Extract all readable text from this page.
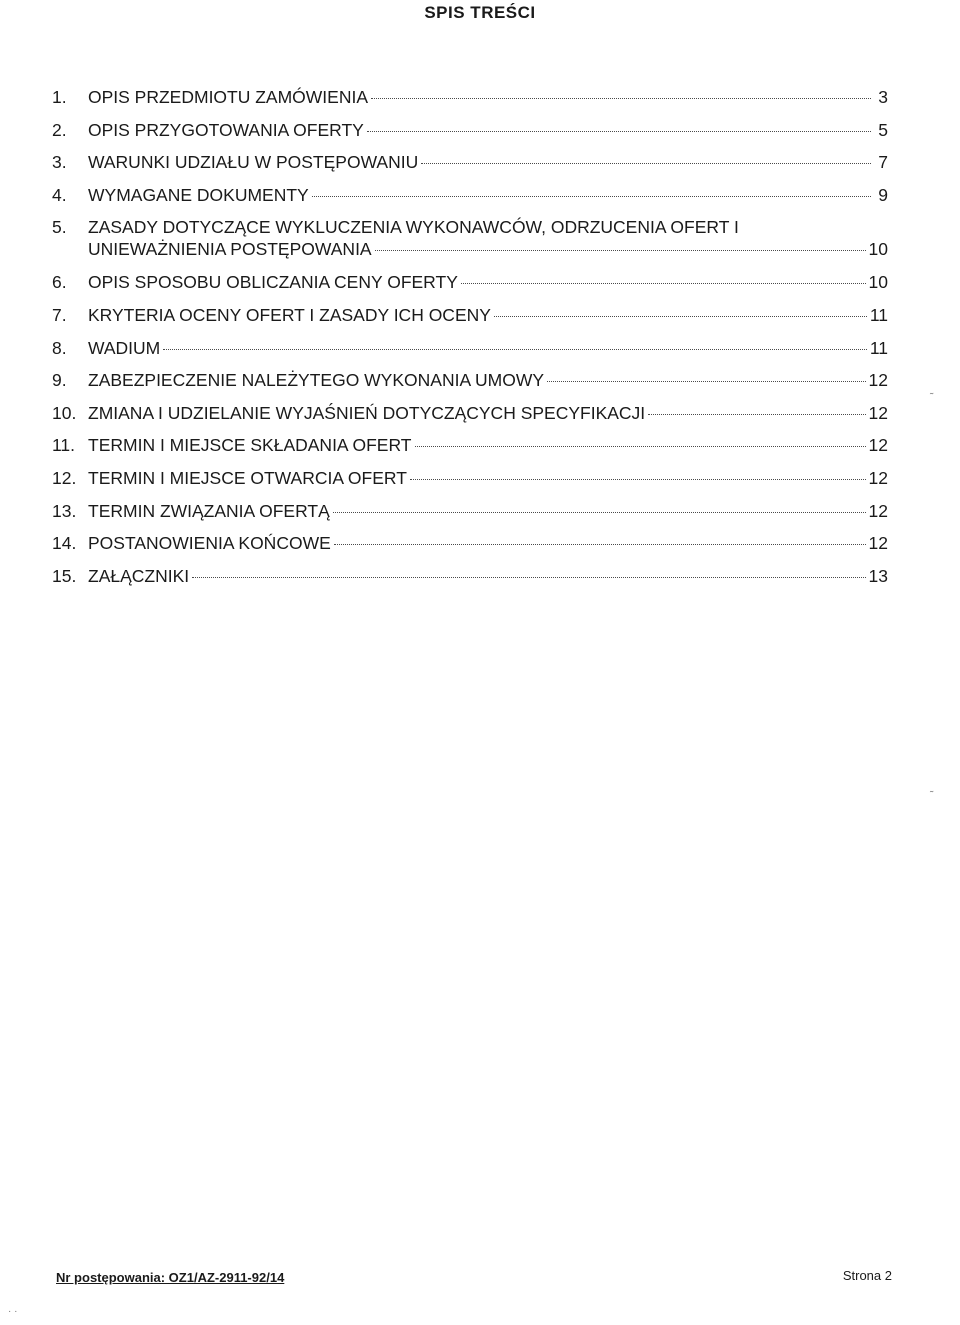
SPIS TREŚCI
1.	OPIS PRZEDMIOTU ZAMÓWIENIA	3
2.	OPIS PRZYGOTOWANIA OFERTY	5
3.	WARUNKI UDZIAŁU W POSTĘPOWANIU	7
4.	WYMAGANE DOKUMENTY	9
5.	ZASADY DOTYCZĄCE WYKLUCZENIA WYKONAWCÓW, ODRZUCENIA OFERT I
UNIEWAŻNIENIA POSTĘPOWANIA	10
6.	OPIS SPOSOBU OBLICZANIA CENY OFERTY	10
7.	KRYTERIA OCENY OFERT I ZASADY ICH OCENY	11
8.	WADIUM	11
9.	ZABEZPIECZENIE NALEŻYTEGO WYKONANIA UMOWY	12
10. ZMIANA I UDZIELANIE WYJAŚNIEŃ DOTYCZĄCYCH SPECYFIKACJI	12
11. TERMIN I MIEJSCE SKŁADANIA OFERT	12
12. TERMIN I MIEJSCE OTWARCIA OFERT	12
13. TERMIN ZWIĄZANIA OFERTĄ	12
14. POSTANOWIENIA KOŃCOWE	12
15. ZAŁĄCZNIKI	13
˜
˜
· ·
Nr postępowania: OZ1/AZ-2911-92/14	Strona 2
